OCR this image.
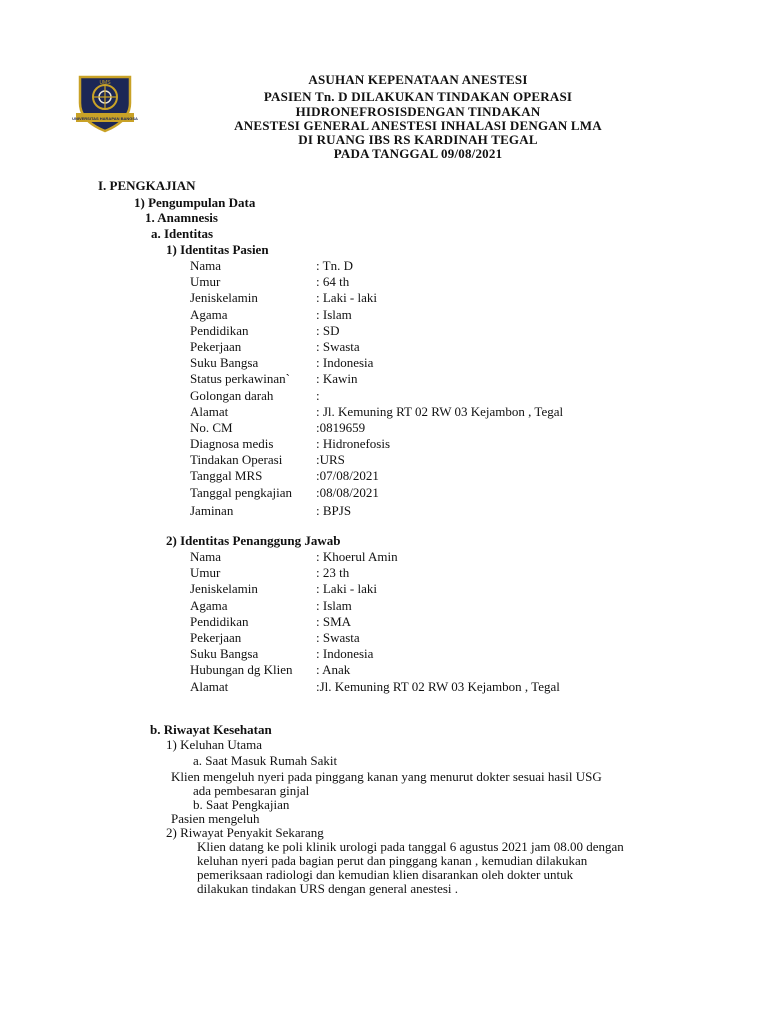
UMS
UNIVERSITAS HARAPAN BANGSA
ASUHAN KEPENATAAN ANESTESI
PASIEN Tn. D DILAKUKAN TINDAKAN OPERASI
HIDRONEFROSISDENGAN TINDAKAN
ANESTESI GENERAL ANESTESI INHALASI DENGAN LMA
DI RUANG IBS RS KARDINAH TEGAL
PADA TANGGAL 09/08/2021
I. PENGKAJIAN
1) Pengumpulan Data
1. Anamnesis
a. Identitas
1) Identitas Pasien
Nama	: Tn. D
Umur	: 64 th
Jeniskelamin	: Laki - laki
Agama	: Islam
Pendidikan	: SD
Pekerjaan	: Swasta
Suku Bangsa	: Indonesia
Status perkawinan` : Kawin
Golongan darah	:
Alamat	: Jl. Kemuning RT 02 RW 03 Kejambon , Tegal
No. CM	:0819659
Diagnosa medis	: Hidronefosis
Tindakan Operasi	:URS
Tanggal MRS	:07/08/2021
Tanggal pengkajian :08/08/2021
Jaminan	: BPJS
2) Identitas Penanggung Jawab
Nama	: Khoerul Amin
Umur	: 23 th
Jeniskelamin	: Laki - laki
Agama	: Islam
Pendidikan	: SMA
Pekerjaan	: Swasta
Suku Bangsa	: Indonesia
Hubungan dg Klien : Anak
Alamat	:Jl. Kemuning RT 02 RW 03 Kejambon , Tegal
b. Riwayat Kesehatan
1) Keluhan Utama
a. Saat Masuk Rumah Sakit
Klien mengeluh nyeri pada pinggang kanan yang menurut dokter sesuai hasil USG
ada pembesaran ginjal
b. Saat Pengkajian
Pasien mengeluh
2) Riwayat Penyakit Sekarang
Klien datang ke poli klinik urologi pada tanggal 6 agustus 2021 jam 08.00 dengan
keluhan nyeri pada bagian perut dan pinggang kanan , kemudian dilakukan
pemeriksaan radiologi dan kemudian klien disarankan oleh dokter untuk
dilakukan tindakan URS dengan general anestesi .
